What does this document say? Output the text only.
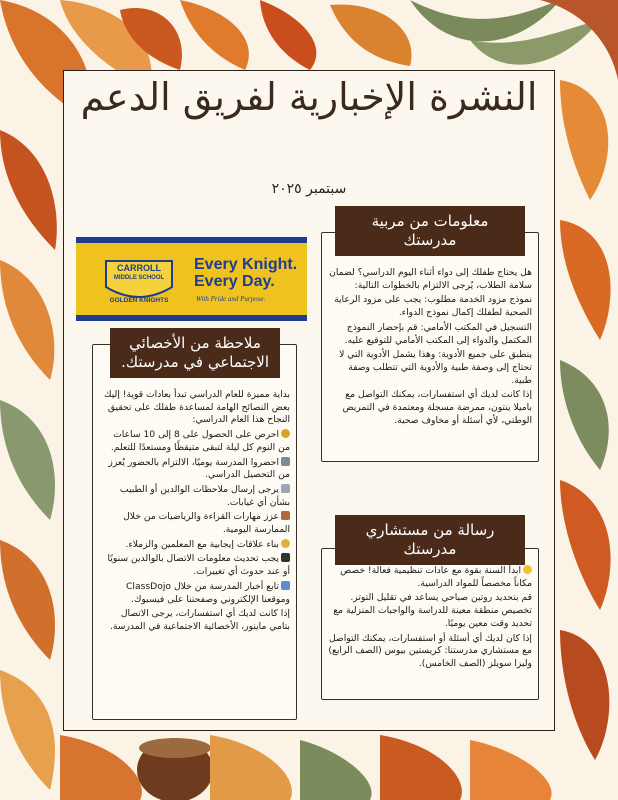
النشرة الإخبارية لفريق الدعم
سبتمبر ٢٠٢٥
CARROLL
MIDDLE SCHOOL
GOLDEN KNIGHTS
Every Knight.
Every Day.
With Pride and Purpose.

هل يحتاج طفلك إلى دواء أثناء اليوم الدراسي؟ لضمان سلامة الطلاب، يُرجى الالتزام بالخطوات التالية:

نموذج مزود الخدمة مطلوب: يجب على مزود الرعاية الصحية لطفلك إكمال نموذج الدواء.

التسجيل في المكتب الأمامي: قم بإحضار النموذج المكتمل والدواء إلى المكتب الأمامي للتوقيع عليه.

ينطبق على جميع الأدوية: وهذا يشمل الأدوية التي لا تحتاج إلى وصفة طبية والأدوية التي تتطلب وصفة طبية.

إذا كانت لديك أي استفسارات، يمكنك التواصل مع باميلا ينتون، ممرضة مسجلة ومعتمدة في التمريض الوطني، لأي أسئلة أو مخاوف صحية.

معلومات من مربية مدرستك

بداية مميزة للعام الدراسي تبدأ بعادات قوية! إليك بعض النصائح الهامة لمساعدة طفلك على تحقيق النجاح هذا العام الدراسي:

احرص على الحصول على 8 إلى 10 ساعات من النوم كل ليلة لتبقى متيقظًا ومستعدًا للتعلم.

احضروا المدرسة يوميًا، الالتزام بالحضور يُعزز من التحصيل الدراسي.

يرجى إرسال ملاحظات الوالدين أو الطبيب بشأن أي غيابات.

عزز مهارات القراءة والرياضيات من خلال الممارسة اليومية.

بناء علاقات إيجابية مع المعلمين والزملاء.

يجب تحديث معلومات الاتصال بالوالدين سنويًا أو عند حدوث أي تغييرات.

تابع أخبار المدرسة من خلال ClassDojo وموقعنا الإلكتروني وصفحتنا على فيسبوك.

إذا كانت لديك أي استفسارات، يرجى الاتصال بتامي ماينور، الأخصائية الاجتماعية في المدرسة.

ملاحظة من الأخصائي الاجتماعي في مدرستك.

ابدأ السنة بقوة مع عادات تنظيمية فعالة! خصص مكاناً مخصصاً للمواد الدراسية.

قم بتحديد روتين صباحي يساعد في تقليل التوتر. تخصيص منطقة معينة للدراسة والواجبات المنزلية مع تحديد وقت معين يوميًا.

إذا كان لديك أي أسئلة أو استفسارات، يمكنك التواصل مع مستشاري مدرستنا: كريستين بيوس (الصف الرابع) وليزا سويلز (الصف الخامس).

رسالة من مستشاري مدرستك
